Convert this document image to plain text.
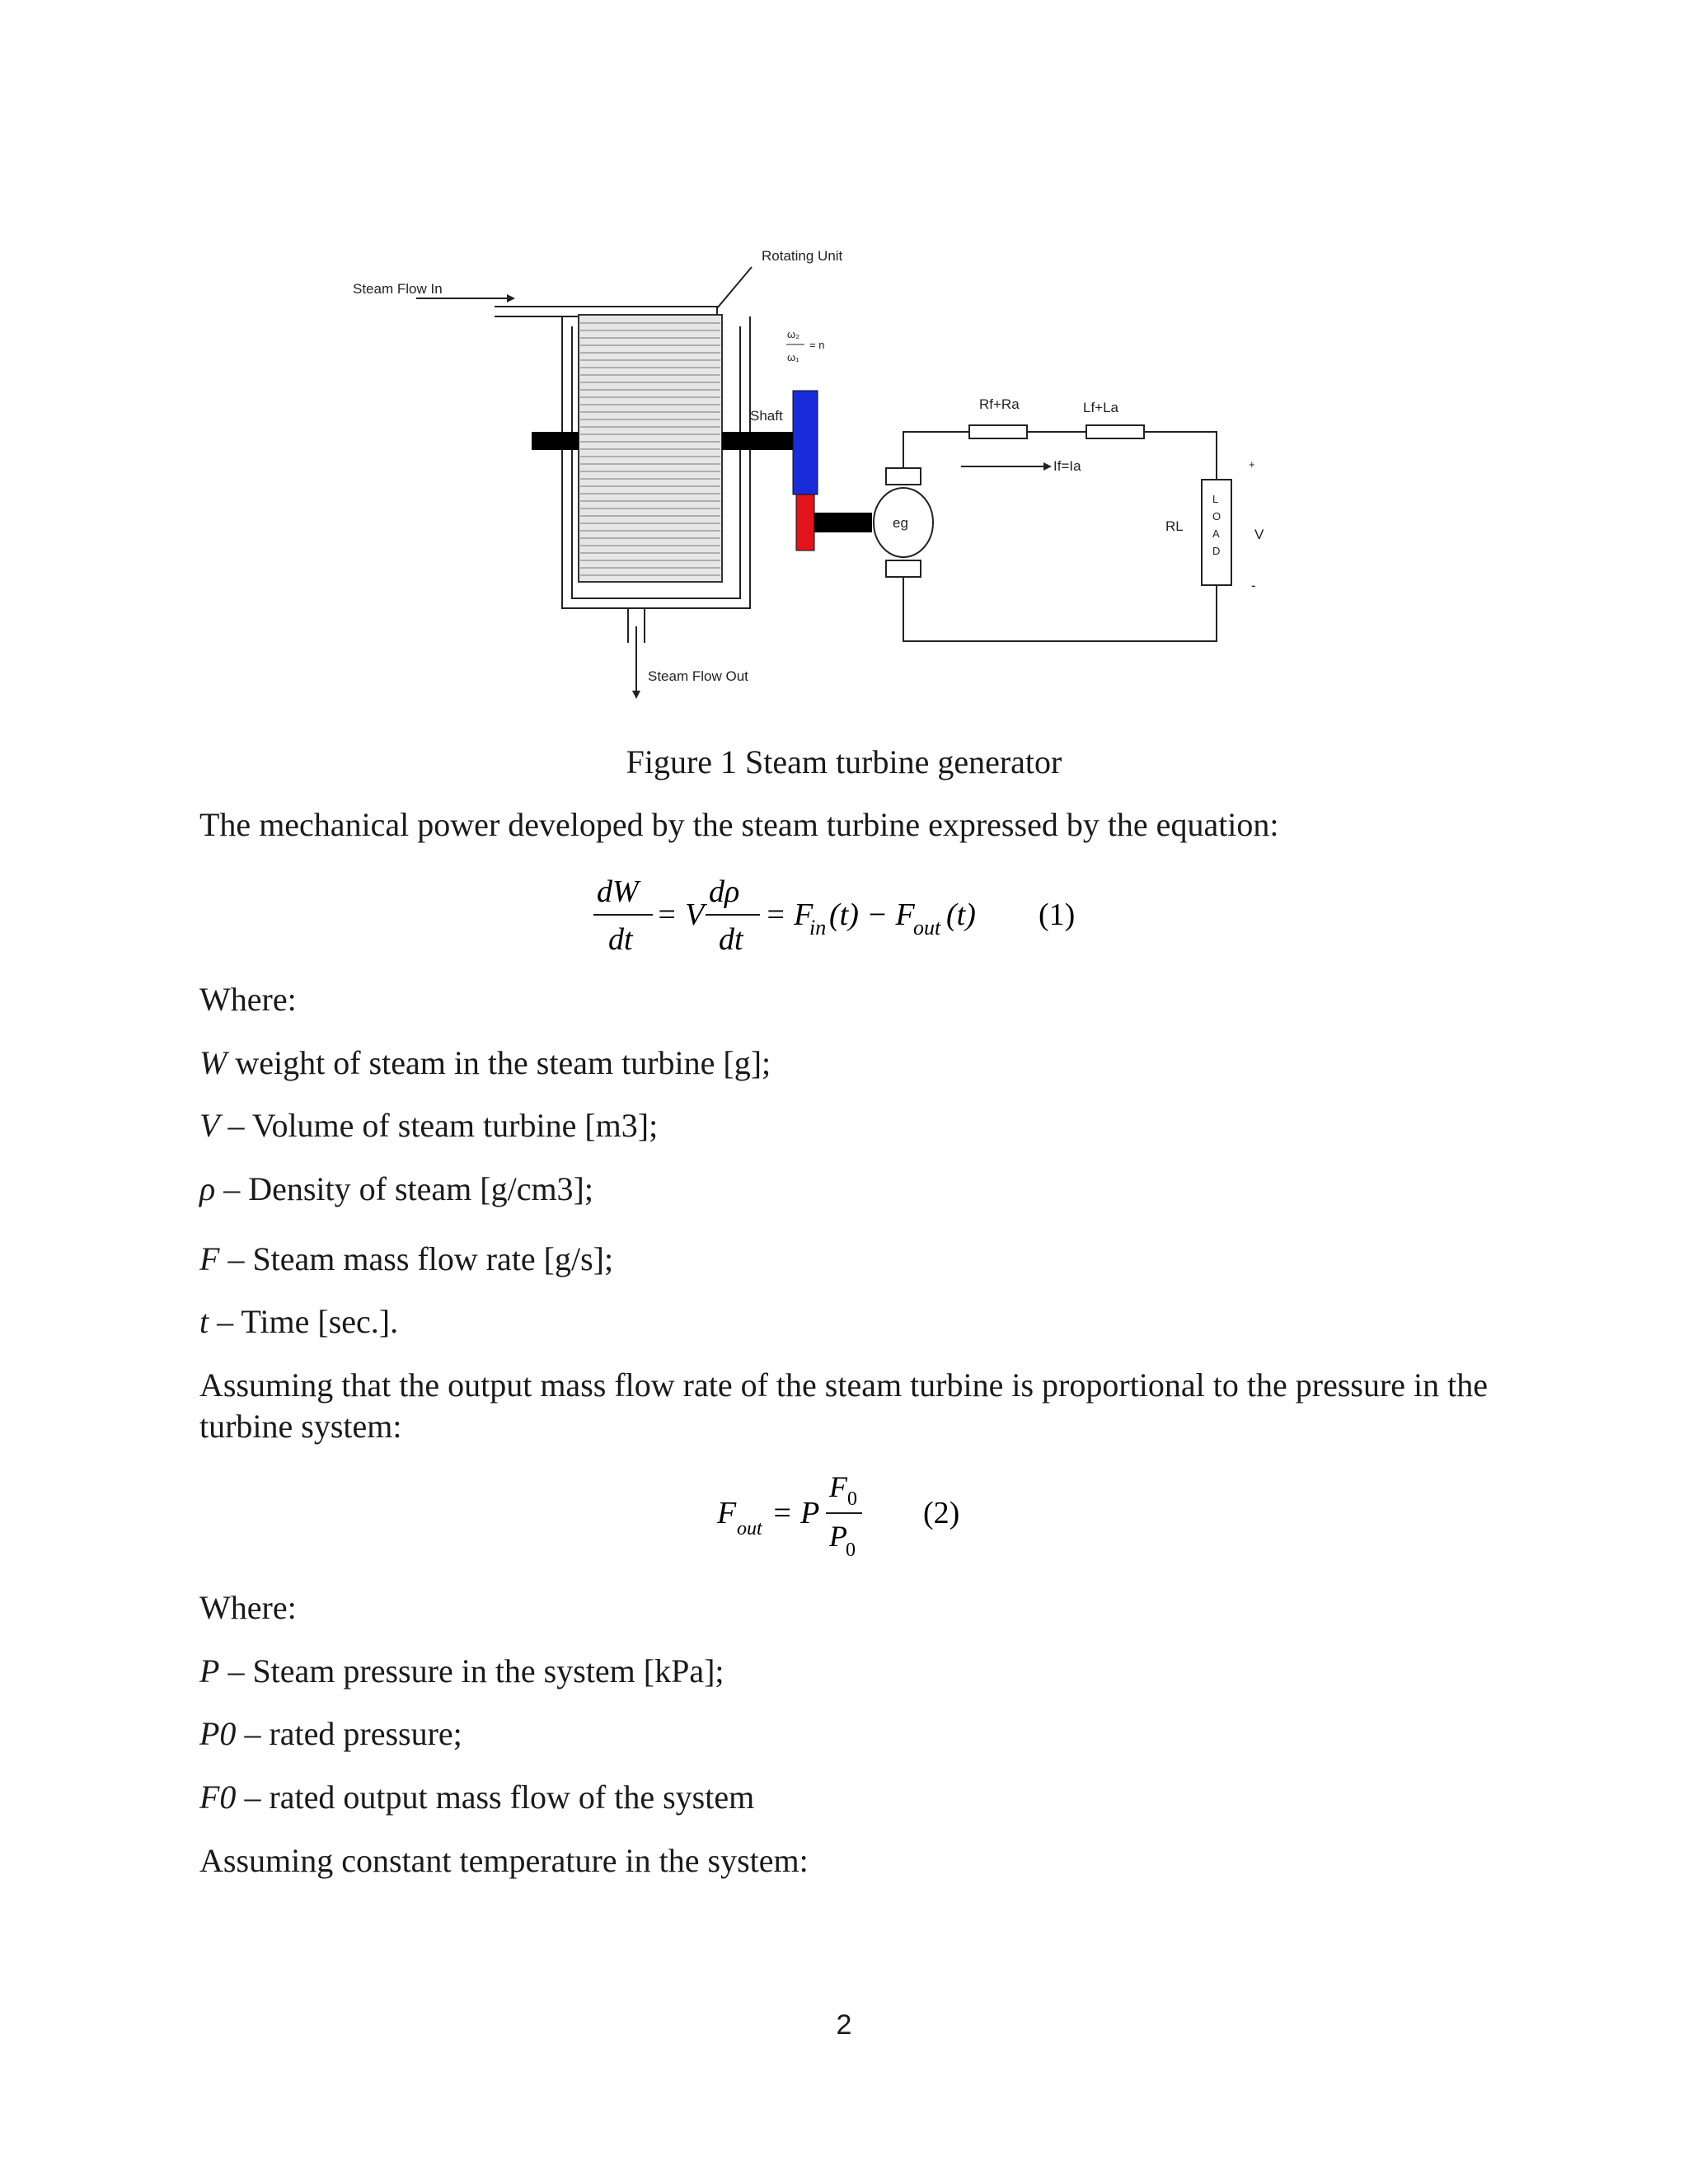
Steam Flow In
Shaft
Rotating Unit
ω₂
ω₁
= n
Steam Flow Out
eg
Rf+Ra	Lf+La
If=Ia
L
O
A
D
RL
+
V
-
Figure 1 Steam turbine generator
The mechanical power developed by the steam turbine expressed by the equation:
dW
dt
= V
dρ
dt
= F
in (t) − F
out (t) (1)
Where:
W weight of steam in the steam turbine [g];
V – Volume of steam turbine [m3];
ρ – Density of steam [g/cm3];
F – Steam mass flow rate [g/s];
t – Time [sec.].
Assuming that the output mass flow rate of the steam turbine is proportional to the pressure in the turbine system:
F out = P
F 0
P
0
(2)
Where:
P – Steam pressure in the system [kPa];
P0 – rated pressure;
F0 – rated output mass flow of the system
Assuming constant temperature in the system:
2
